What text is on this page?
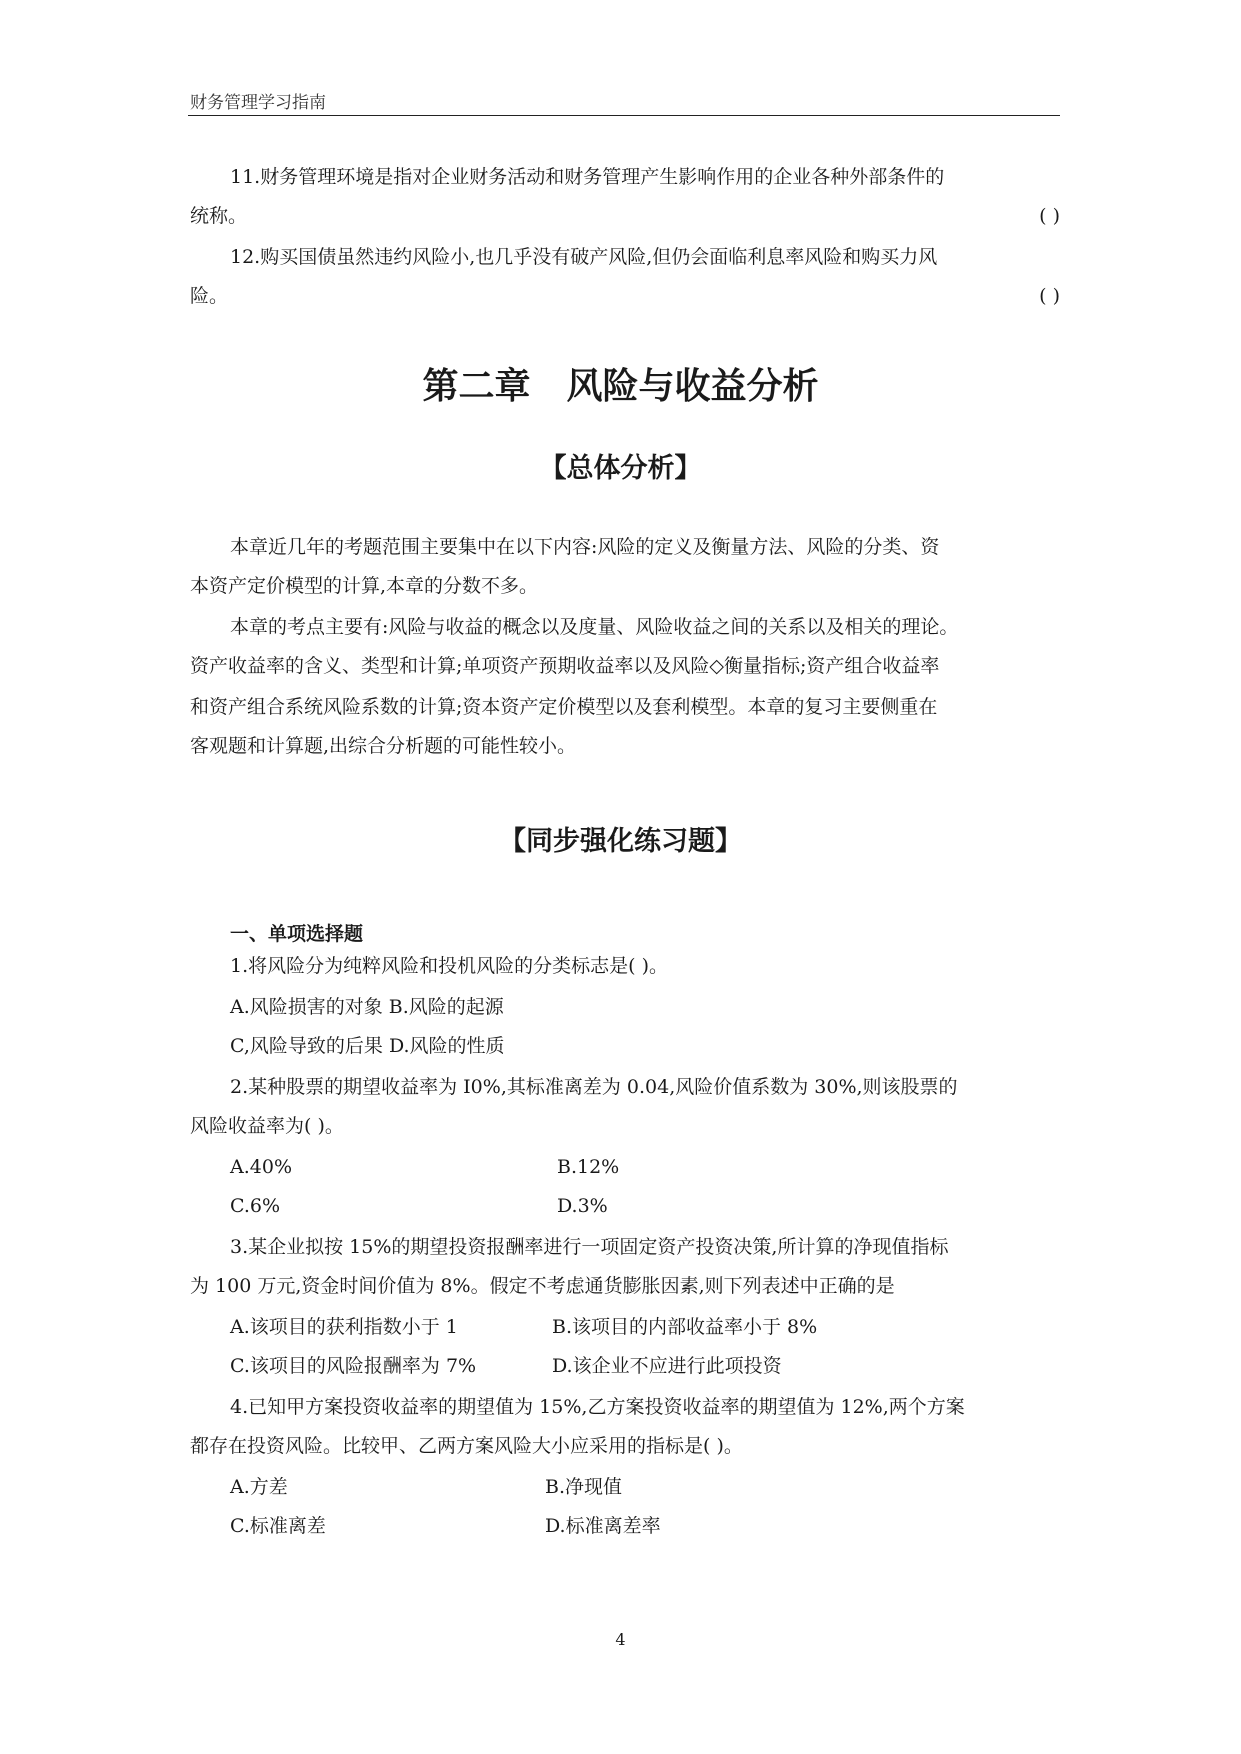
财务管理学习指南
11.财务管理环境是指对企业财务活动和财务管理产生影响作用的企业各种外部条件的
统称。	( )
12.购买国债虽然违约风险小,也几乎没有破产风险,但仍会面临利息率风险和购买力风
险。	( )
第二章　风险与收益分析
【总体分析】
本章近几年的考题范围主要集中在以下内容:风险的定义及衡量方法、风险的分类、资
本资产定价模型的计算,本章的分数不多。
本章的考点主要有:风险与收益的概念以及度量、风险收益之间的关系以及相关的理论。
资产收益率的含义、类型和计算;单项资产预期收益率以及风险◇衡量指标;资产组合收益率
和资产组合系统风险系数的计算;资本资产定价模型以及套利模型。本章的复习主要侧重在
客观题和计算题,出综合分析题的可能性较小。
【同步强化练习题】
一、单项选择题
1.将风险分为纯粹风险和投机风险的分类标志是( )。
A.风险损害的对象 B.风险的起源
C,风险导致的后果 D.风险的性质
2.某种股票的期望收益率为 I0%,其标准离差为 0.04,风险价值系数为 30%,则该股票的
风险收益率为( )。
A.40%	B.12%
C.6%	D.3%
3.某企业拟按 15%的期望投资报酬率进行一项固定资产投资决策,所计算的净现值指标
为 100 万元,资金时间价值为 8%。假定不考虑通货膨胀因素,则下列表述中正确的是
A.该项目的获利指数小于 1	B.该项目的内部收益率小于 8%
C.该项目的风险报酬率为 7%	D.该企业不应进行此项投资
4.已知甲方案投资收益率的期望值为 15%,乙方案投资收益率的期望值为 12%,两个方案
都存在投资风险。比较甲、乙两方案风险大小应采用的指标是( )。
A.方差	B.净现值
C.标准离差	D.标准离差率
4
